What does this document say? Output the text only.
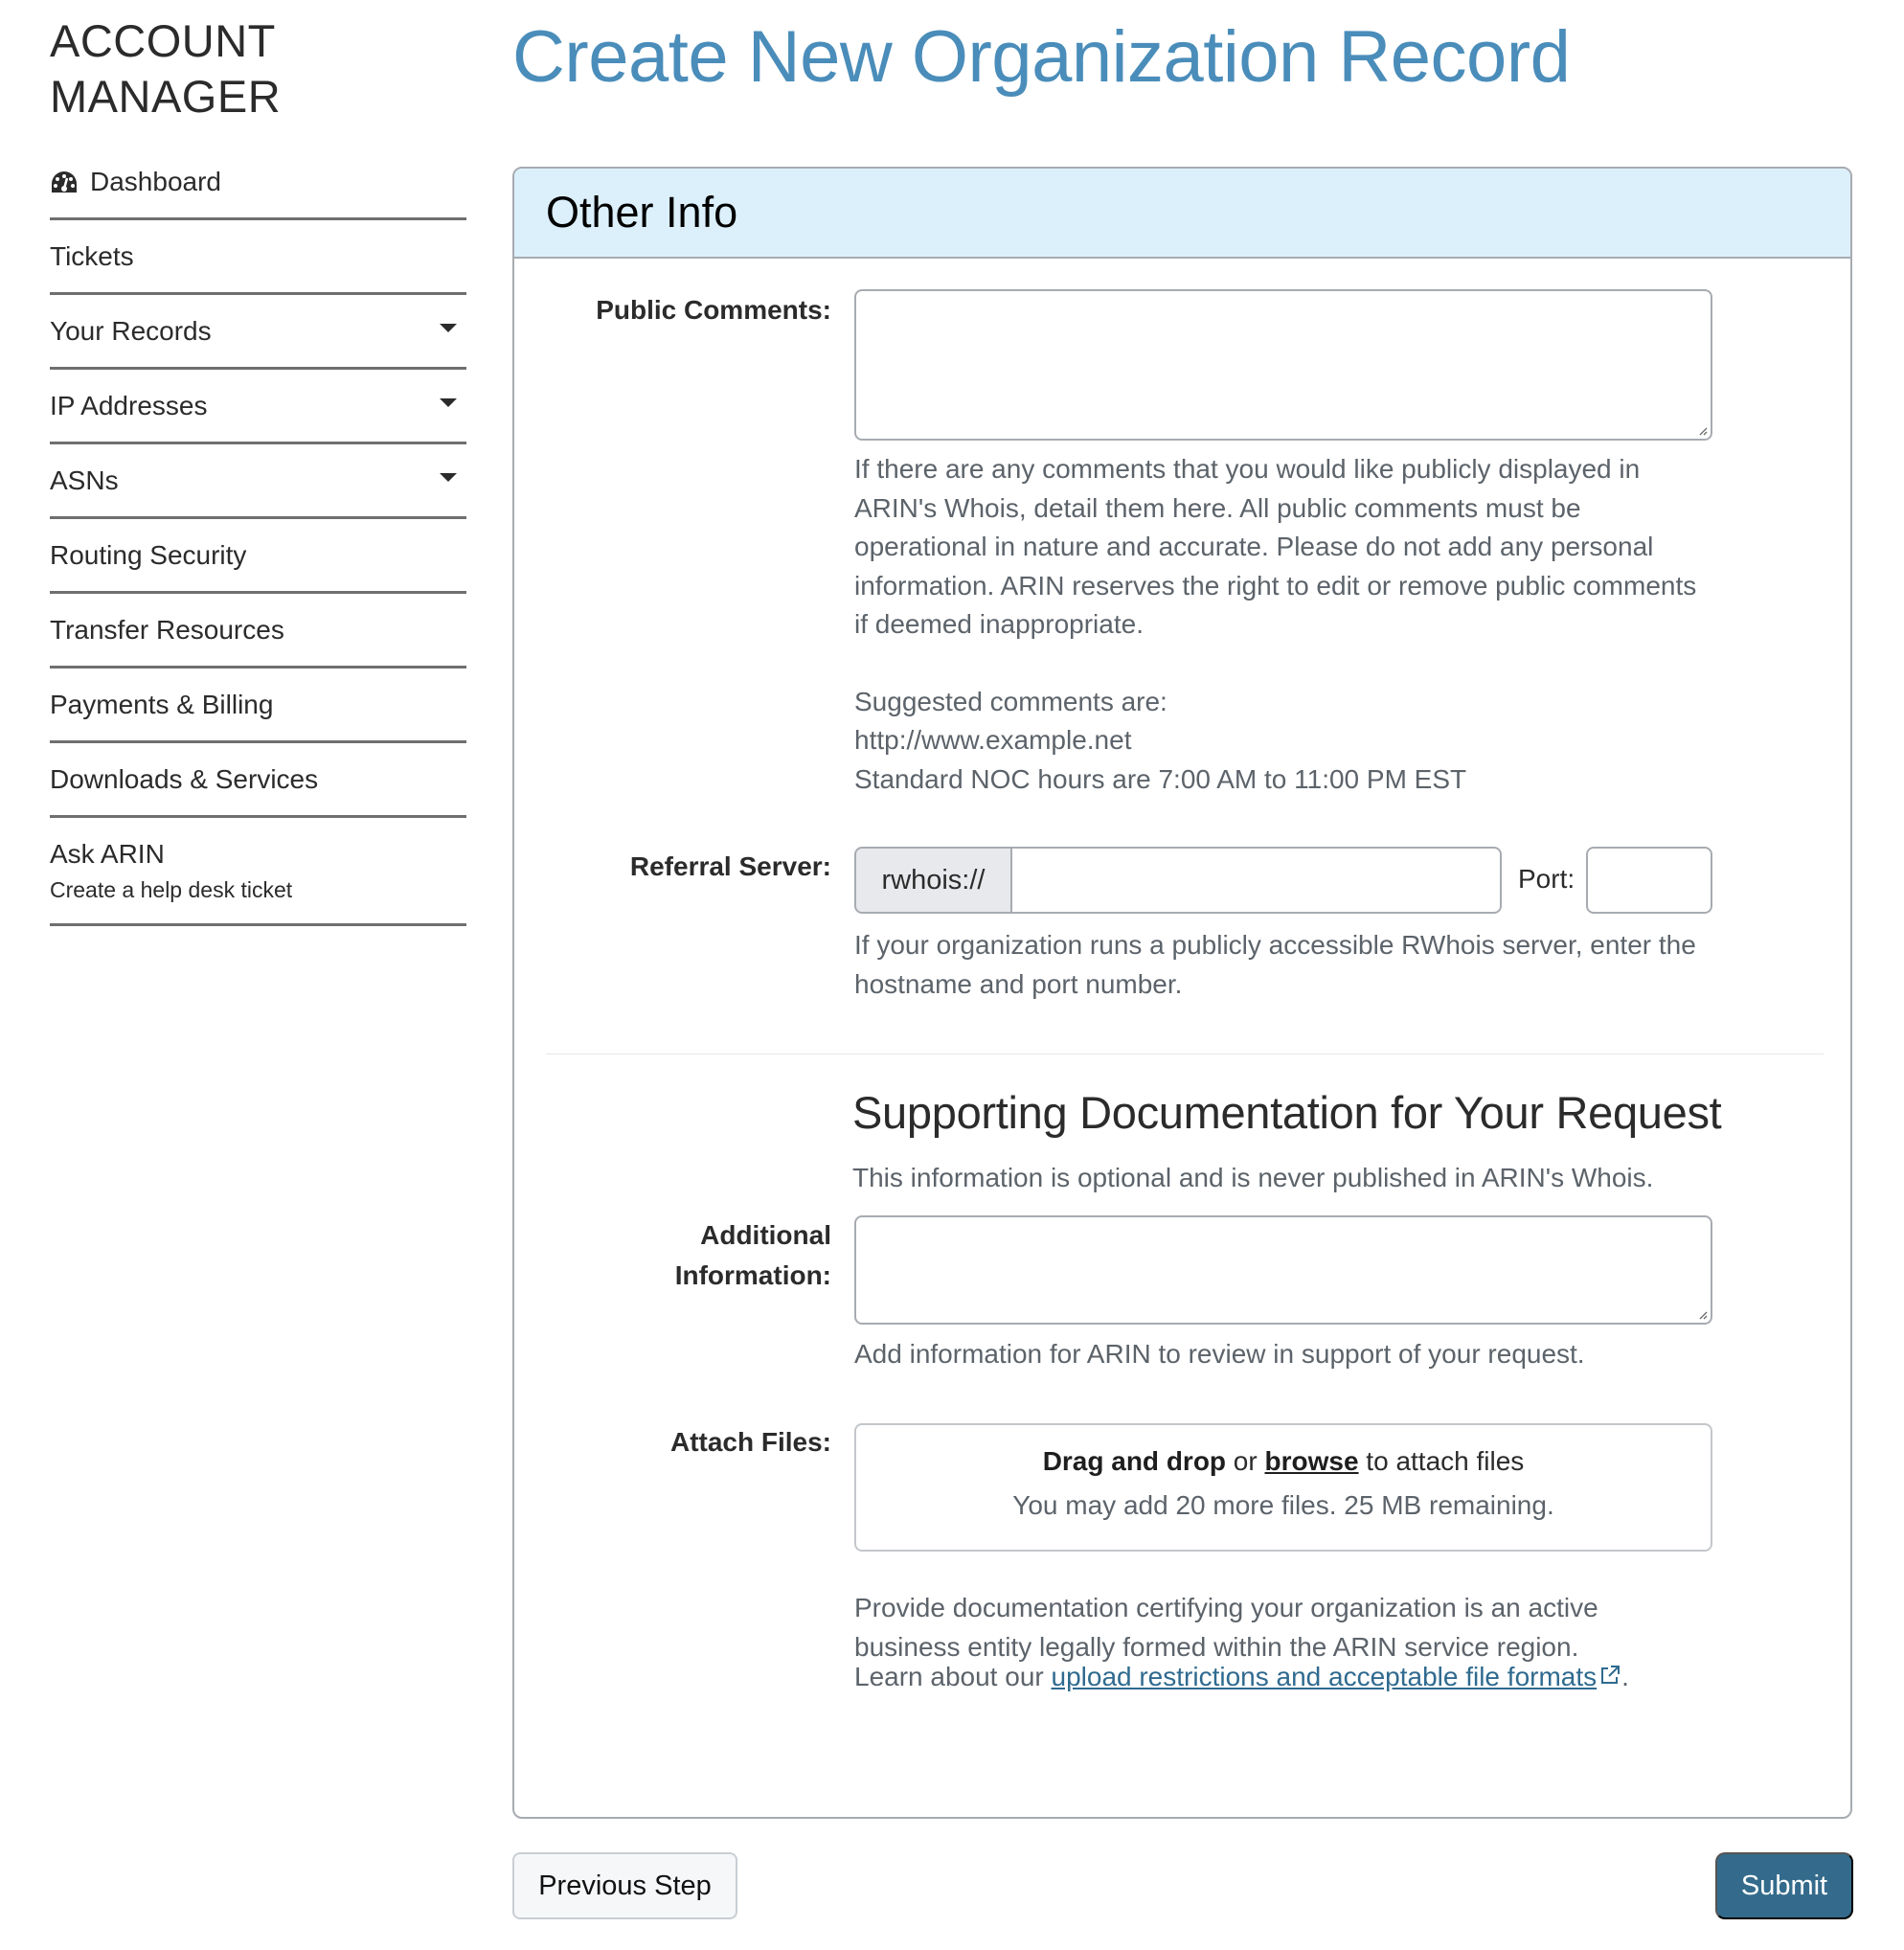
ACCOUNT
MANAGER
Dashboard
Tickets
Your Records
IP Addresses
ASNs
Routing Security
Transfer Resources
Payments & Billing
Downloads & Services
Ask ARIN
Create a help desk ticket
Create New Organization Record
Other Info
Public Comments:

If there are any comments that you would like publicly displayed in ARIN's Whois, detail them here. All public comments must be operational in nature and accurate. Please do not add any personal information. ARIN reserves the right to edit or remove public comments if deemed inappropriate.

Suggested comments are:

http://www.example.net

Standard NOC hours are 7:00 AM to 11:00 PM EST

Referral Server:	rwhois://	Port:
If your organization runs a publicly accessible RWhois server, enter the hostname and port number.
Supporting Documentation for Your Request
This information is optional and is never published in ARIN's Whois.
Additional
Information:
Add information for ARIN to review in support of your request.
Attach Files:
Drag and drop or browse to attach files
You may add 20 more files. 25 MB remaining.
Provide documentation certifying your organization is an active business entity legally formed within the ARIN service region.
Learn about our upload restrictions and acceptable file formats .
Previous Step	Submit
